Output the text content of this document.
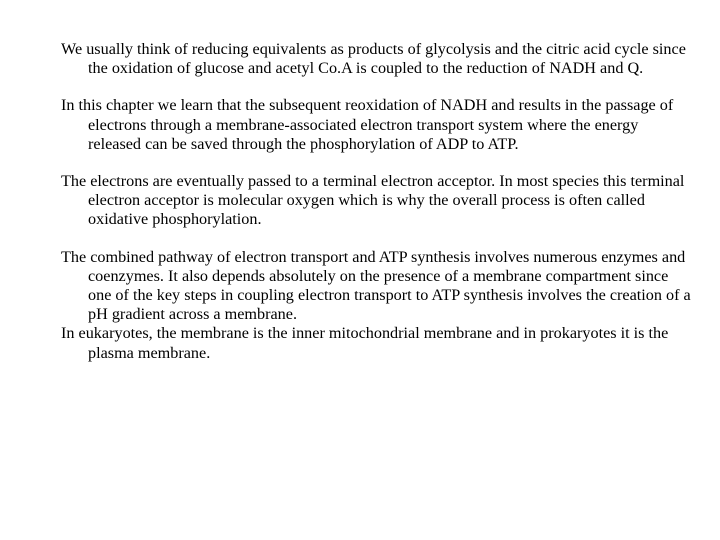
We usually think of reducing equivalents as products of glycolysis and the citric acid cycle since the oxidation of glucose and acetyl Co.A is coupled to the reduction of NADH and Q.

In this chapter we learn that the subsequent reoxidation of NADH and results in the passage of electrons through a membrane-associated electron transport system where the energy released can be saved through the phosphorylation of ADP to ATP.

The electrons are eventually passed to a terminal electron acceptor. In most species this terminal electron acceptor is molecular oxygen which is why the overall process is often called oxidative phosphorylation.

The combined pathway of electron transport and ATP synthesis involves numerous enzymes and coenzymes. It also depends absolutely on the presence of a membrane compartment since one of the key steps in coupling electron transport to ATP synthesis involves the creation of a pH gradient across a membrane.

In eukaryotes, the membrane is the inner mitochondrial membrane and in prokaryotes it is the plasma membrane.
